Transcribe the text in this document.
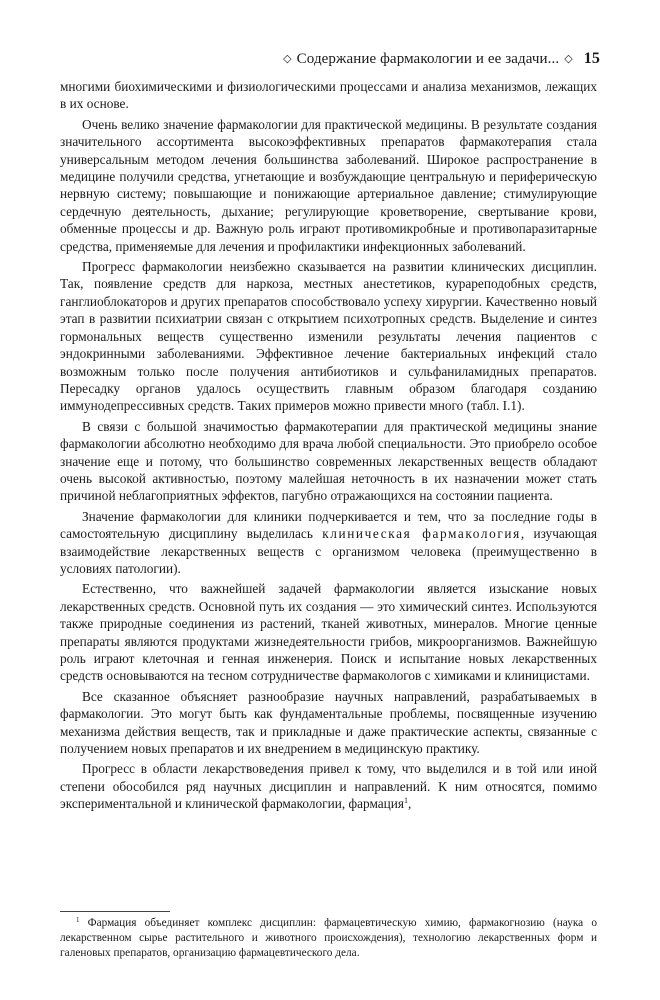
◇ Содержание фармакологии и ее задачи... ◇ 15

многими биохимическими и физиологическими процессами и анализа механизмов, лежащих в их основе.

Очень велико значение фармакологии для практической медицины. В результате создания значительного ассортимента высокоэффективных препаратов фармакотерапия стала универсальным методом лечения большинства заболеваний. Широкое распространение в медицине получили средства, угнетающие и возбуждающие центральную и периферическую нервную систему; повышающие и понижающие артериальное давление; стимулирующие сердечную деятельность, дыхание; регулирующие кроветворение, свертывание крови, обменные процессы и др. Важную роль играют противомикробные и противопаразитарные средства, применяемые для лечения и профилактики инфекционных заболеваний.

Прогресс фармакологии неизбежно сказывается на развитии клинических дисциплин. Так, появление средств для наркоза, местных анестетиков, курареподобных средств, ганглиоблокаторов и других препаратов способствовало успеху хирургии. Качественно новый этап в развитии психиатрии связан с открытием психотропных средств. Выделение и синтез гормональных веществ существенно изменили результаты лечения пациентов с эндокринными заболеваниями. Эффективное лечение бактериальных инфекций стало возможным только после получения антибиотиков и сульфаниламидных препаратов. Пересадку органов удалось осуществить главным образом благодаря созданию иммунодепрессивных средств. Таких примеров можно привести много (табл. I.1).

В связи с большой значимостью фармакотерапии для практической медицины знание фармакологии абсолютно необходимо для врача любой специальности. Это приобрело особое значение еще и потому, что большинство современных лекарственных веществ обладают очень высокой активностью, поэтому малейшая неточность в их назначении может стать причиной неблагоприятных эффектов, пагубно отражающихся на состоянии пациента.

Значение фармакологии для клиники подчеркивается и тем, что за последние годы в самостоятельную дисциплину выделилась клиническая фармакология, изучающая взаимодействие лекарственных веществ с организмом человека (преимущественно в условиях патологии).

Естественно, что важнейшей задачей фармакологии является изыскание новых лекарственных средств. Основной путь их создания — это химический синтез. Используются также природные соединения из растений, тканей животных, минералов. Многие ценные препараты являются продуктами жизнедеятельности грибов, микроорганизмов. Важнейшую роль играют клеточная и генная инженерия. Поиск и испытание новых лекарственных средств основываются на тесном сотрудничестве фармакологов с химиками и клиницистами.

Все сказанное объясняет разнообразие научных направлений, разрабатываемых в фармакологии. Это могут быть как фундаментальные проблемы, посвященные изучению механизма действия веществ, так и прикладные и даже практические аспекты, связанные с получением новых препаратов и их внедрением в медицинскую практику.

Прогресс в области лекарствоведения привел к тому, что выделился и в той или иной степени обособился ряд научных дисциплин и направлений. К ним относятся, помимо экспериментальной и клинической фармакологии, фармация$^1$,

$^1$ Фармация объединяет комплекс дисциплин: фармацевтическую химию, фармакогнозию (наука о лекарственном сырье растительного и животного происхождения), технологию лекарственных форм и галеновых препаратов, организацию фармацевтического дела.
